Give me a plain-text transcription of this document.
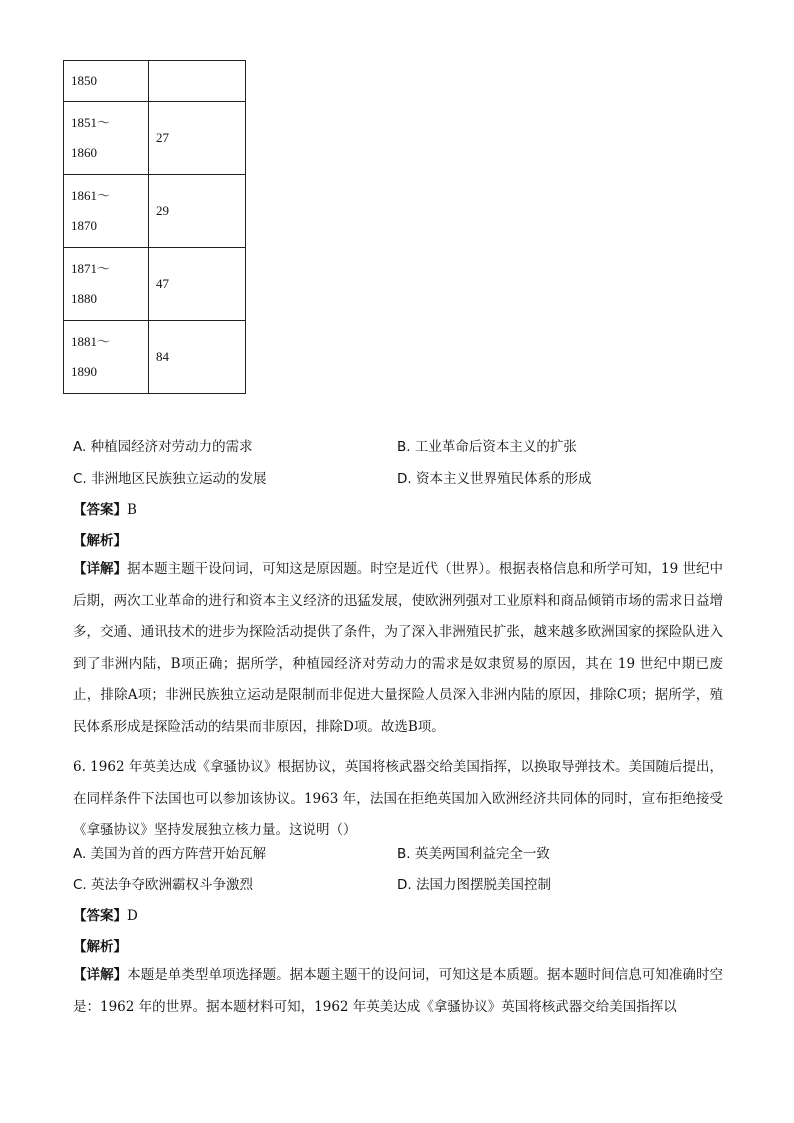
1850	

1851～
1860	27

1861～
1870	29

1871～
1880	47

1881～
1890	84
A. 种植园经济对劳动力的需求	B. 工业革命后资本主义的扩张
C. 非洲地区民族独立运动的发展	D. 资本主义世界殖民体系的形成
【答案】B
【解析】
【详解】据本题主题干设问词，可知这是原因题。时空是近代（世界）。根据表格信息和所学可知，19 世纪中后期，两次工业革命的进行和资本主义经济的迅猛发展，使欧洲列强对工业原料和商品倾销市场的需求日益增多，交通、通讯技术的进步为探险活动提供了条件，为了深入非洲殖民扩张，越来越多欧洲国家的探险队进入到了非洲内陆，B项正确；据所学，种植园经济对劳动力的需求是奴隶贸易的原因，其在 19 世纪中期已废止，排除A项；非洲民族独立运动是限制而非促进大量探险人员深入非洲内陆的原因，排除C项；据所学，殖民体系形成是探险活动的结果而非原因，排除D项。故选B项。
6. 1962 年英美达成《拿骚协议》根据协议，英国将核武器交给美国指挥，以换取导弹技术。美国随后提出，在同样条件下法国也可以参加该协议。1963 年，法国在拒绝英国加入欧洲经济共同体的同时，宣布拒绝接受《拿骚协议》坚持发展独立核力量。这说明（）
A. 美国为首的西方阵营开始瓦解	B. 英美两国利益完全一致
C. 英法争夺欧洲霸权斗争激烈	D. 法国力图摆脱美国控制
【答案】D
【解析】
【详解】本题是单类型单项选择题。据本题主题干的设问词，可知这是本质题。据本题时间信息可知准确时空是：1962 年的世界。据本题材料可知，1962 年英美达成《拿骚协议》英国将核武器交给美国指挥以
